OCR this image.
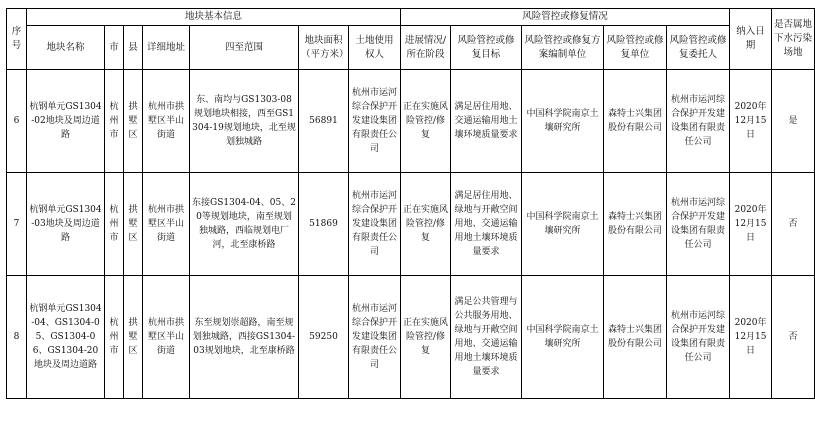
序号	地块基本信息							风险管控或修复情况					纳入日期	是否属地下水污染场地
	地块名称	市	县	详细地址	四至范围	地块面积（平方米）	土地使用权人	进展情况/所在阶段	风险管控或修复目标	风险管控或修复方案编制单位	风险管控或修复单位	风险管控或修复委托人		
6	杭钢单元GS1304-02地块及周边道路	杭州市	拱墅区	杭州市拱墅区半山街道	东、南均与GS1303-08规划地块相接，西至GS1304-19规划地块，北至规划独城路	56891	杭州市运河综合保护开发建设集团有限责任公司	正在实施风险管控/修复	满足居住用地、交通运输用地土壤环境质量要求	中国科学院南京土壤研究所	森特士兴集团股份有限公司	杭州市运河综合保护开发建设集团有限责任公司	2020年12月15日	是
7	杭钢单元GS1304-03地块及周边道路	杭州市	拱墅区	杭州市拱墅区半山街道	东接GS1304-04、05、20等规划地块，南至规划独城路，西临规划电厂河，北至康桥路	51869	杭州市运河综合保护开发建设集团有限责任公司	正在实施风险管控/修复	满足居住用地、绿地与开敞空间用地、交通运输用地土壤环境质量要求	中国科学院南京土壤研究所	森特士兴集团股份有限公司	杭州市运河综合保护开发建设集团有限责任公司	2020年12月15日	否
8	杭钢单元GS1304-04、GS1304-05、GS1304-06、GS1304-20地块及周边道路	杭州市	拱墅区	杭州市拱墅区半山街道	东至规划崇超路，南至规划独城路，西接GS1304-03规划地块，北至康桥路	59250	杭州市运河综合保护开发建设集团有限责任公司	正在实施风险管控/修复	满足公共管理与公共服务用地、绿地与开敞空间用地、交通运输用地土壤环境质量要求	中国科学院南京土壤研究所	森特士兴集团股份有限公司	杭州市运河综合保护开发建设集团有限责任公司	2020年12月15日	否
